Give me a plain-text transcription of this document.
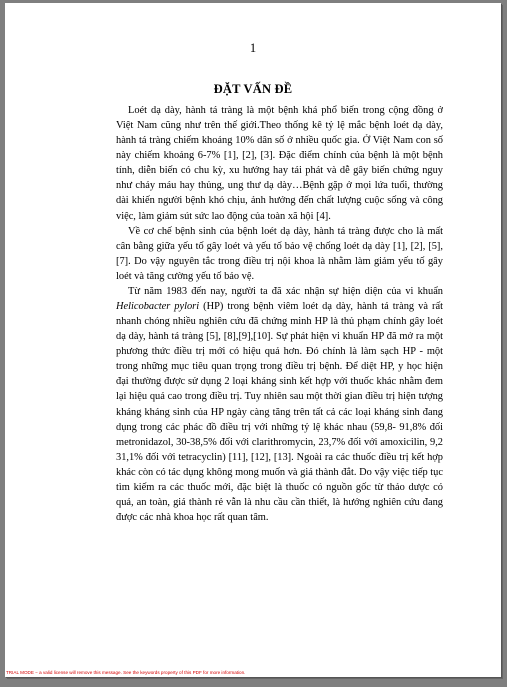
1
ĐẶT VẤN ĐỀ
Loét dạ dày, hành tá tràng là một bệnh khá phổ biến trong cộng đồng ở
Việt Nam cũng như trên thế giới.Theo thống kê tỷ lệ mắc bệnh loét dạ dày,
hành tá tràng chiếm khoảng 10% dân số ở nhiều quốc gia. Ở Việt Nam con số
này chiếm khoảng 6-7% [1], [2], [3]. Đặc điểm chính của bệnh là một bệnh
tính, diễn biến có chu kỳ, xu hướng hay tái phát và dễ gây biến chứng nguy
như chảy máu hay thủng, ung thư dạ dày…Bệnh gặp ở mọi lứa tuổi, thường
dài khiến người bệnh khó chịu, ảnh hưởng đến chất lượng cuộc sống và công
việc, làm giảm sút sức lao động của toàn xã hội [4].
Về cơ chế bệnh sinh của bệnh loét dạ dày, hành tá tràng được cho là mất
cân bằng giữa yếu tố gây loét và yếu tố bảo vệ chống loét dạ dày [1], [2], [5],
[7]. Do vậy nguyên tắc trong điều trị nội khoa là nhằm làm giảm yếu tố gây
loét và tăng cường yếu tố bảo vệ.
Từ năm 1983 đến nay, người ta đã xác nhận sự hiện diện của vi khuẩn
Helicobacter pylori (HP) trong bệnh viêm loét dạ dày, hành tá tràng và rất
nhanh chóng nhiều nghiên cứu đã chứng minh HP là thủ phạm chính gây loét
dạ dày, hành tá tràng [5], [8],[9],[10]. Sự phát hiện vi khuẩn HP đã mở ra một
phương thức điều trị mới có hiệu quả hơn. Đó chính là làm sạch HP - một
trong những mục tiêu quan trọng trong điều trị bệnh. Để diệt HP, y học hiện
đại thường được sử dụng 2 loại kháng sinh kết hợp với thuốc khác nhằm đem
lại hiệu quả cao trong điều trị. Tuy nhiên sau một thời gian điều trị hiện tượng
kháng kháng sinh của HP ngày càng tăng trên tất cả các loại kháng sinh đang
dụng trong các phác đồ điều trị với những tỷ lệ khác nhau (59,8- 91,8% đối
metronidazol, 30-38,5% đối với clarithromycin, 23,7% đối với amoxicilin, 9,2
31,1% đối với tetracyclin) [11], [12], [13]. Ngoài ra các thuốc điều trị kết hợp
khác còn có tác dụng không mong muốn và giá thành đắt. Do vậy việc tiếp tục
tìm kiếm ra các thuốc mới, đặc biệt là thuốc có nguồn gốc từ thảo dược có
quả, an toàn, giá thành rẻ vẫn là nhu cầu cần thiết, là hướng nghiên cứu đang
được các nhà khoa học rất quan tâm.
TRIAL MODE − a valid license will remove this message. See the keywords property of this PDF for more information.
